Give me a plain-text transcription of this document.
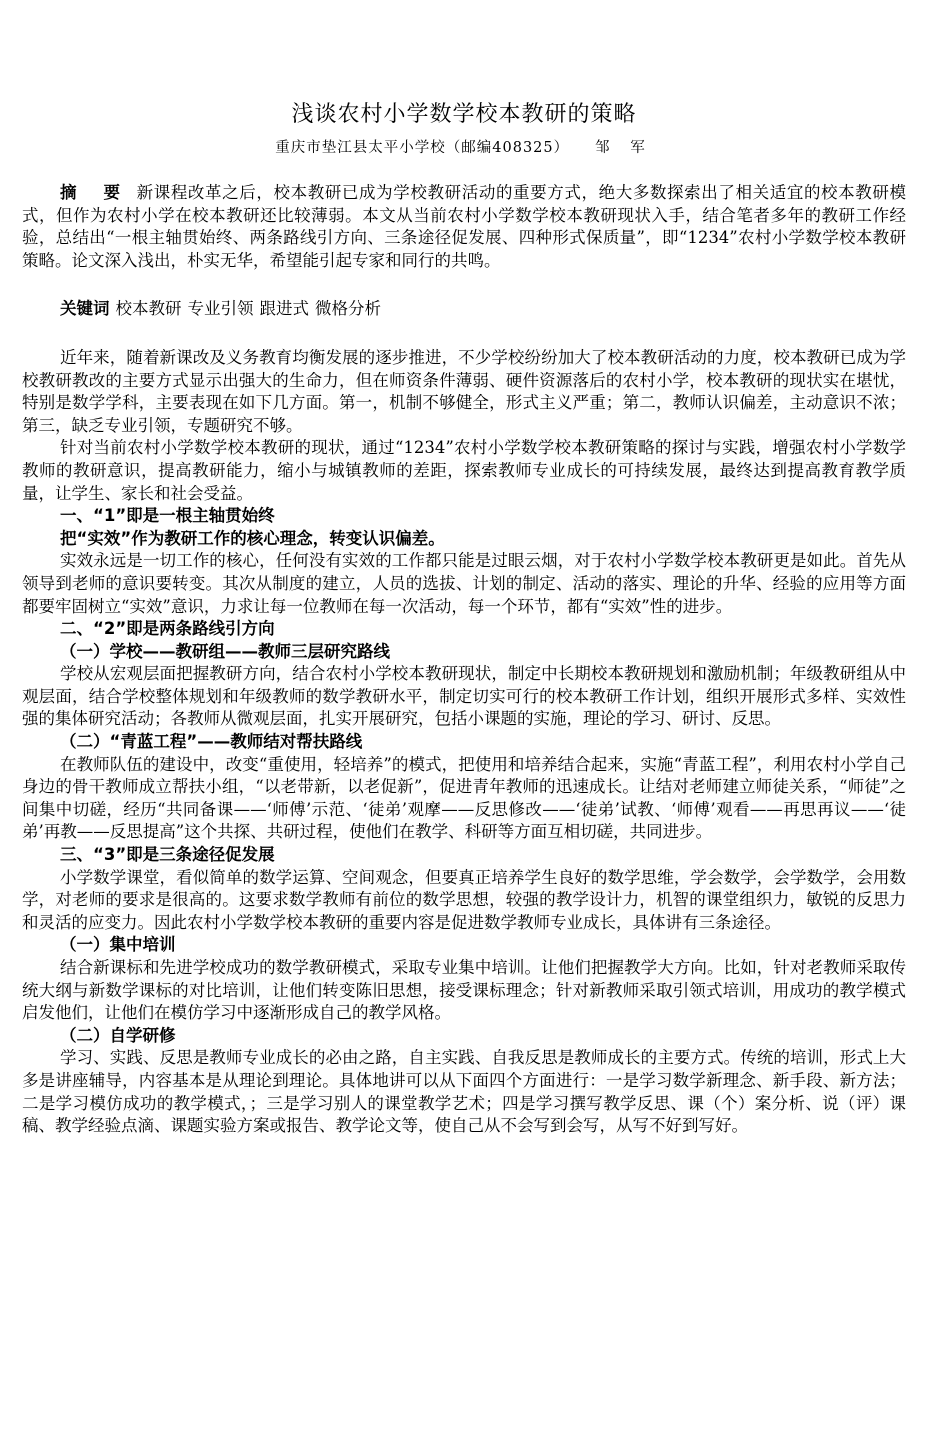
浅谈农村小学数学校本教研的策略
重庆市垫江县太平小学校（邮编408325） 邹 军

摘 要 新课程改革之后，校本教研已成为学校教研活动的重要方式，绝大多数探索出了相关适宜的校本教研模式，但作为农村小学在校本教研还比较薄弱。本文从当前农村小学数学校本教研现状入手，结合笔者多年的教研工作经验，总结出“一根主轴贯始终、两条路线引方向、三条途径促发展、四种形式保质量”，即“1234”农村小学数学校本教研策略。论文深入浅出，朴实无华，希望能引起专家和同行的共鸣。

关键词 校本教研 专业引领 跟进式 微格分析

近年来，随着新课改及义务教育均衡发展的逐步推进，不少学校纷纷加大了校本教研活动的力度，校本教研已成为学校教研教改的主要方式显示出强大的生命力，但在师资条件薄弱、硬件资源落后的农村小学，校本教研的现状实在堪忧，特别是数学学科，主要表现在如下几方面。第一，机制不够健全，形式主义严重；第二，教师认识偏差，主动意识不浓；第三，缺乏专业引领，专题研究不够。

针对当前农村小学数学校本教研的现状，通过“1234”农村小学数学校本教研策略的探讨与实践，增强农村小学数学教师的教研意识，提高教研能力，缩小与城镇教师的差距，探索教师专业成长的可持续发展，最终达到提高教育教学质量，让学生、家长和社会受益。

一、“1”即是一根主轴贯始终
把“实效”作为教研工作的核心理念，转变认识偏差。

实效永远是一切工作的核心，任何没有实效的工作都只能是过眼云烟，对于农村小学数学校本教研更是如此。首先从领导到老师的意识要转变。其次从制度的建立，人员的选拔、计划的制定、活动的落实、理论的升华、经验的应用等方面都要牢固树立“实效”意识，力求让每一位教师在每一次活动，每一个环节，都有“实效”性的进步。

二、“2”即是两条路线引方向
（一）学校——教研组——教师三层研究路线

学校从宏观层面把握教研方向，结合农村小学校本教研现状，制定中长期校本教研规划和激励机制；年级教研组从中观层面，结合学校整体规划和年级教师的数学教研水平，制定切实可行的校本教研工作计划，组织开展形式多样、实效性强的集体研究活动；各教师从微观层面，扎实开展研究，包括小课题的实施，理论的学习、研讨、反思。

（二）“青蓝工程”——教师结对帮扶路线

在教师队伍的建设中，改变“重使用，轻培养”的模式，把使用和培养结合起来，实施“青蓝工程”，利用农村小学自己身边的骨干教师成立帮扶小组，“以老带新，以老促新”，促进青年教师的迅速成长。让结对老师建立师徒关系，“师徒”之间集中切磋，经历“共同备课——‘师傅’示范、‘徒弟’观摩——反思修改——‘徒弟’试教、‘师傅’观看——再思再议——‘徒弟’再教——反思提高”这个共探、共研过程，使他们在教学、科研等方面互相切磋，共同进步。

三、“3”即是三条途径促发展

小学数学课堂，看似简单的数学运算、空间观念，但要真正培养学生良好的数学思维，学会数学，会学数学，会用数学，对老师的要求是很高的。这要求数学教师有前位的数学思想，较强的教学设计力，机智的课堂组织力，敏锐的反思力和灵活的应变力。因此农村小学数学校本教研的重要内容是促进数学教师专业成长，具体讲有三条途径。

（一）集中培训

结合新课标和先进学校成功的数学教研模式，采取专业集中培训。让他们把握教学大方向。比如，针对老教师采取传统大纲与新数学课标的对比培训，让他们转变陈旧思想，接受课标理念；针对新教师采取引领式培训，用成功的教学模式启发他们，让他们在模仿学习中逐渐形成自己的教学风格。

（二）自学研修

学习、实践、反思是教师专业成长的必由之路，自主实践、自我反思是教师成长的主要方式。传统的培训，形式上大多是讲座辅导，内容基本是从理论到理论。具体地讲可以从下面四个方面进行：一是学习数学新理念、新手段、新方法；二是学习模仿成功的教学模式，；三是学习别人的课堂教学艺术；四是学习撰写教学反思、课（个）案分析、说（评）课稿、教学经验点滴、课题实验方案或报告、教学论文等，使自己从不会写到会写，从写不好到写好。
